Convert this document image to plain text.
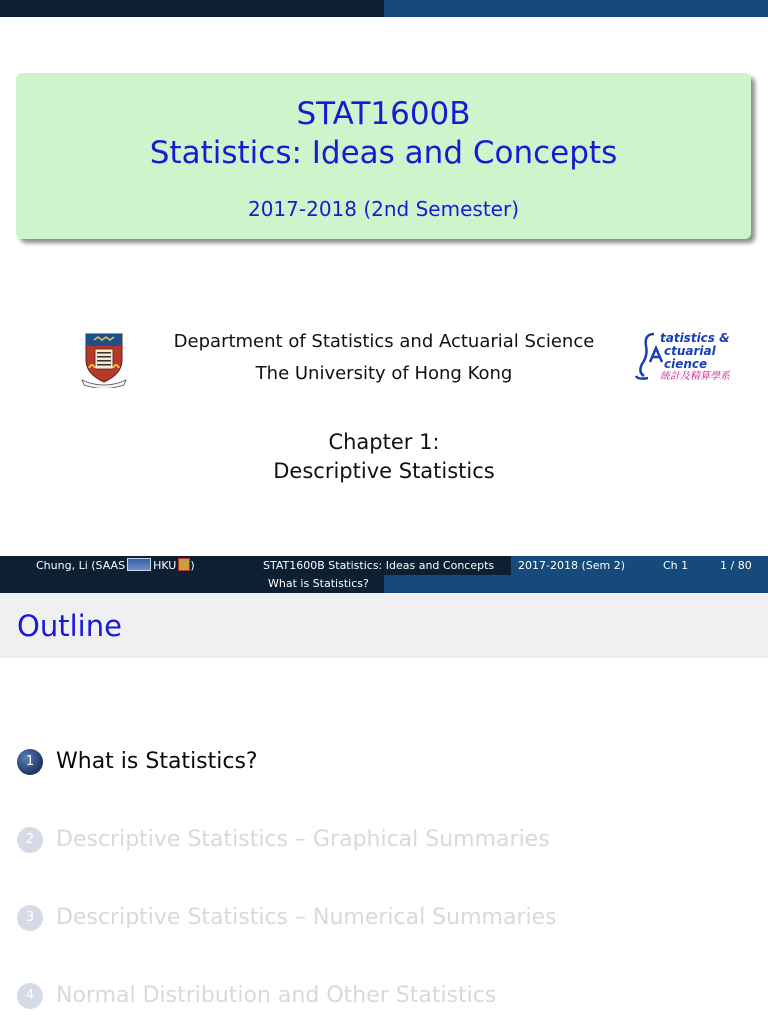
STAT1600B
Statistics: Ideas and Concepts
2017-2018 (2nd Semester)
Department of Statistics and Actuarial Science
The University of Hong Kong
tatistics &
ctuarial
cience
統計及精算學系
Chapter 1:
Descriptive Statistics
Chung, Li (SAAS	HKU )	STAT1600B Statistics: Ideas and Concepts 2017-2018 (Sem 2)	Ch 1	1 / 80
What is Statistics?
Outline
1 What is Statistics?
2 Descriptive Statistics – Graphical Summaries
3 Descriptive Statistics – Numerical Summaries
4 Normal Distribution and Other Statistics
